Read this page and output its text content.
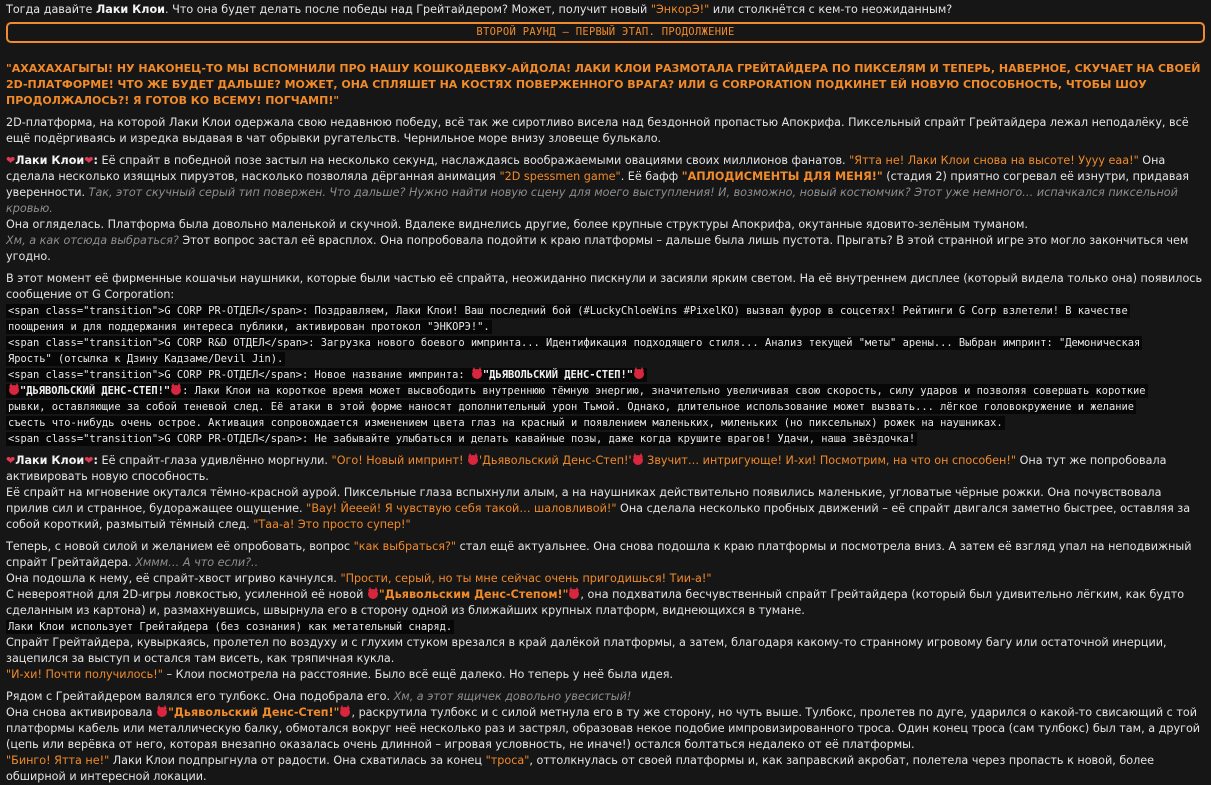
Тогда давайте Лаки Клои. Что она будет делать после победы над Грейтайдером? Может, получит новый "ЭнкорЭ!" или столкнётся с кем-то неожиданным?

ВТОРОЙ РАУНД – ПЕРВЫЙ ЭТАП. ПРОДОЛЖЕНИЕ

"АХАХАХАГЫГЫ! НУ НАКОНЕЦ-ТО МЫ ВСПОМНИЛИ ПРО НАШУ КОШКОДЕВКУ-АЙДОЛА! ЛАКИ КЛОИ РАЗМОТАЛА ГРЕЙТАЙДЕРА ПО ПИКСЕЛЯМ И ТЕПЕРЬ, НАВЕРНОЕ, СКУЧАЕТ НА СВОЕЙ 2D-ПЛАТФОРМЕ! ЧТО ЖЕ БУДЕТ ДАЛЬШЕ? МОЖЕТ, ОНА СПЛЯШЕТ НА КОСТЯХ ПОВЕРЖЕННОГО ВРАГА? ИЛИ G CORPORATION ПОДКИНЕТ ЕЙ НОВУЮ СПОСОБНОСТЬ, ЧТОБЫ ШОУ ПРОДОЛЖАЛОСЬ?! Я ГОТОВ КО ВСЕМУ! ПОГЧАМП!"

2D-платформа, на которой Лаки Клои одержала свою недавнюю победу, всё так же сиротливо висела над бездонной пропастью Апокрифа. Пиксельный спрайт Грейтайдера лежал неподалёку, всё ещё подёргиваясь и изредка выдавая в чат обрывки ругательств. Чернильное море внизу зловеще булькало.

❤Лаки Клои❤: Её спрайт в победной позе застыл на несколько секунд, наслаждаясь воображаемыми овациями своих миллионов фанатов. "Ятта не! Лаки Клои снова на высоте! Уууу еаа!" Она сделала несколько изящных пируэтов, насколько позволяла дёрганная анимация "2D spessmen game". Её бафф "АПЛОДИСМЕНТЫ ДЛЯ МЕНЯ!" (стадия 2) приятно согревал её изнутри, придавая уверенности. Так, этот скучный серый тип повержен. Что дальше? Нужно найти новую сцену для моего выступления! И, возможно, новый костюмчик? Этот уже немного… испачкался пиксельной кровью.

Она огляделась. Платформа была довольно маленькой и скучной. Вдалеке виднелись другие, более крупные структуры Апокрифа, окутанные ядовито-зелёным туманом.

Хм, а как отсюда выбраться? Этот вопрос застал её врасплох. Она попробовала подойти к краю платформы – дальше была лишь пустота. Прыгать? В этой странной игре это могло закончиться чем угодно.

В этот момент её фирменные кошачьи наушники, которые были частью её спрайта, неожиданно пискнули и засияли ярким светом. На её внутреннем дисплее (который видела только она) появилось сообщение от G Corporation:

<span class="transition">G CORP PR-ОТДЕЛ</span>: Поздравляем, Лаки Клои! Ваш последний бой (#LuckyChloeWins #PixelKO) вызвал фурор в соцсетях! Рейтинги G Corp взлетели! В качестве
поощрения и для поддержания интереса публики, активирован протокол "ЭНКОРЭ!".
<span class="transition">G CORP R&D ОТДЕЛ</span>: Загрузка нового боевого импринта... Идентификация подходящего стиля... Анализ текущей "меты" арены... Выбран импринт: "Демоническая
Ярость" (отсылка к Дзину Кадзаме/Devil Jin).
<span class="transition">G CORP PR-ОТДЕЛ</span>: Новое название импринта: "ДЬЯВОЛЬСКИЙ ДЕНС-СТЕП!"
"ДЬЯВОЛЬСКИЙ ДЕНС-СТЕП!" : Лаки Клои на короткое время может высвободить внутреннюю тёмную энергию, значительно увеличивая свою скорость, силу ударов и позволяя совершать короткие
рывки, оставляющие за собой теневой след. Её атаки в этой форме наносят дополнительный урон Тьмой. Однако, длительное использование может вызвать... лёгкое головокружение и желание
съесть что-нибудь очень острое. Активация сопровождается изменением цвета глаз на красный и появлением маленьких, миленьких (но пиксельных) рожек на наушниках.
<span class="transition">G CORP PR-ОТДЕЛ</span>: Не забывайте улыбаться и делать кавайные позы, даже когда крушите врагов! Удачи, наша звёздочка!

❤Лаки Клои❤: Её спрайт-глаза удивлённо моргнули. "Ого! Новый импринт! 'Дьявольский Денс-Степ!' Звучит… интригующе! И-хи! Посмотрим, на что он способен!" Она тут же попробовала активировать новую способность.

Её спрайт на мгновение окутался тёмно-красной аурой. Пиксельные глаза вспыхнули алым, а на наушниках действительно появились маленькие, угловатые чёрные рожки. Она почувствовала прилив сил и странное, будоражащее ощущение. "Вау! Йееей! Я чувствую себя такой… шаловливой!" Она сделала несколько пробных движений – её спрайт двигался заметно быстрее, оставляя за собой короткий, размытый тёмный след. "Таа-а! Это просто супер!"

Теперь, с новой силой и желанием её опробовать, вопрос "как выбраться?" стал ещё актуальнее. Она снова подошла к краю платформы и посмотрела вниз. А затем её взгляд упал на неподвижный спрайт Грейтайдера. Хммм… А что если?..

Она подошла к нему, её спрайт-хвост игриво качнулся. "Прости, серый, но ты мне сейчас очень пригодишься! Тии-а!"

С невероятной для 2D-игры ловкостью, усиленной её новой "Дьявольским Денс-Степом!" , она подхватила бесчувственный спрайт Грейтайдера (который был удивительно лёгким, как будто сделанным из картона) и, размахнувшись, швырнула его в сторону одной из ближайших крупных платформ, виднеющихся в тумане.

Лаки Клои использует Грейтайдера (без сознания) как метательный снаряд.

Спрайт Грейтайдера, кувыркаясь, пролетел по воздуху и с глухим стуком врезался в край далёкой платформы, а затем, благодаря какому-то странному игровому багу или остаточной инерции, зацепился за выступ и остался там висеть, как тряпичная кукла.

"И-хи! Почти получилось!" – Клои посмотрела на расстояние. Было всё ещё далеко. Но теперь у неё была идея.

Рядом с Грейтайдером валялся его тулбокс. Она подобрала его. Хм, а этот ящичек довольно увесистый!

Она снова активировала "Дьявольский Денс-Степ!" , раскрутила тулбокс и с силой метнула его в ту же сторону, но чуть выше. Тулбокс, пролетев по дуге, ударился о какой-то свисающий с той платформы кабель или металлическую балку, обмотался вокруг неё несколько раз и застрял, образовав некое подобие импровизированного троса. Один конец троса (сам тулбокс) был там, а другой (цепь или верёвка от него, которая внезапно оказалась очень длинной – игровая условность, не иначе!) остался болтаться недалеко от её платформы.

"Бинго! Ятта не!" Лаки Клои подпрыгнула от радости. Она схватилась за конец "троса", оттолкнулась от своей платформы и, как заправский акробат, полетела через пропасть к новой, более обширной и интересной локации.
